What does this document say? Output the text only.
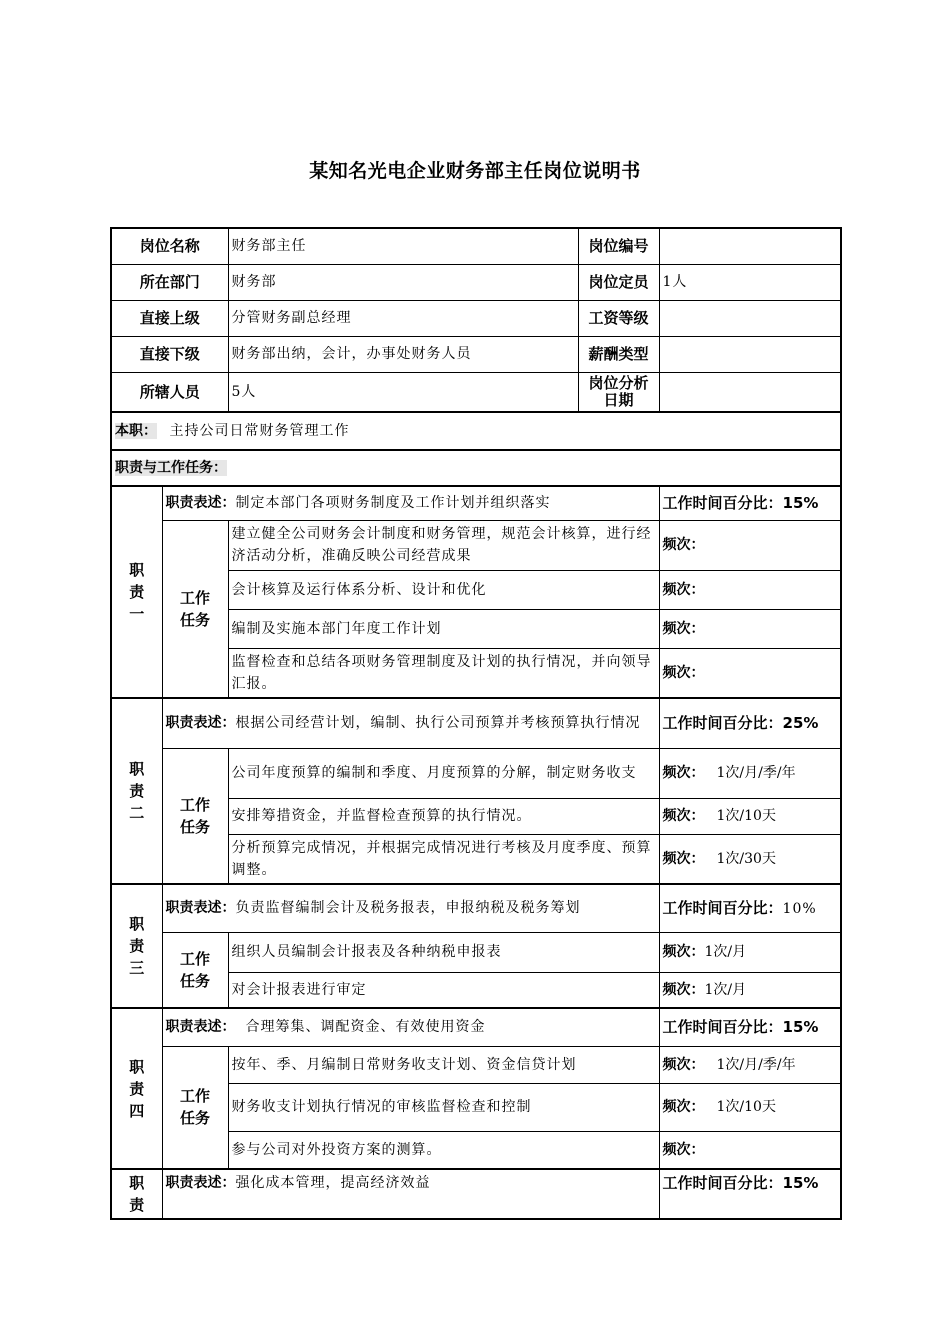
某知名光电企业财务部主任岗位说明书
岗位名称		财务部主任	岗位编号	
所在部门		财务部	岗位定员	1人
直接上级		分管财务副总经理	工资等级	
直接下级		财务部出纳，会计，办事处财务人员	薪酬类型	
所辖人员		5人	岗位分析日期	
本职： 主持公司日常财务管理工作				
职责与工作任务：				
职责一	职责表述：制定本部门各项财务制度及工作计划并组织落实			工作时间百分比：15%
	工作任务	建立健全公司财务会计制度和财务管理，规范会计核算，进行经济活动分析，准确反映公司经营成果		频次：
		会计核算及运行体系分析、设计和优化		频次：
		编制及实施本部门年度工作计划		频次：
		监督检查和总结各项财务管理制度及计划的执行情况，并向领导汇报。		频次：
职责二	职责表述：根据公司经营计划，编制、执行公司预算并考核预算执行情况			工作时间百分比：25%
	工作任务	公司年度预算的编制和季度、月度预算的分解，制定财务收支		频次： 1次/月/季/年
		安排筹措资金，并监督检查预算的执行情况。		频次： 1次/10天
		分析预算完成情况，并根据完成情况进行考核及月度季度、预算调整。		频次： 1次/30天
职责三	职责表述：负责监督编制会计及税务报表，申报纳税及税务筹划			工作时间百分比：10%
	工作任务	组织人员编制会计报表及各种纳税申报表		频次：1次/月
		对会计报表进行审定		频次：1次/月
职责四	职责表述： 合理筹集、调配资金、有效使用资金			工作时间百分比：15%
	工作任务	按年、季、月编制日常财务收支计划、资金信贷计划		频次： 1次/月/季/年
		财务收支计划执行情况的审核监督检查和控制		频次： 1次/10天
		参与公司对外投资方案的测算。		频次：
职责	职责表述：强化成本管理，提高经济效益			工作时间百分比：15%
